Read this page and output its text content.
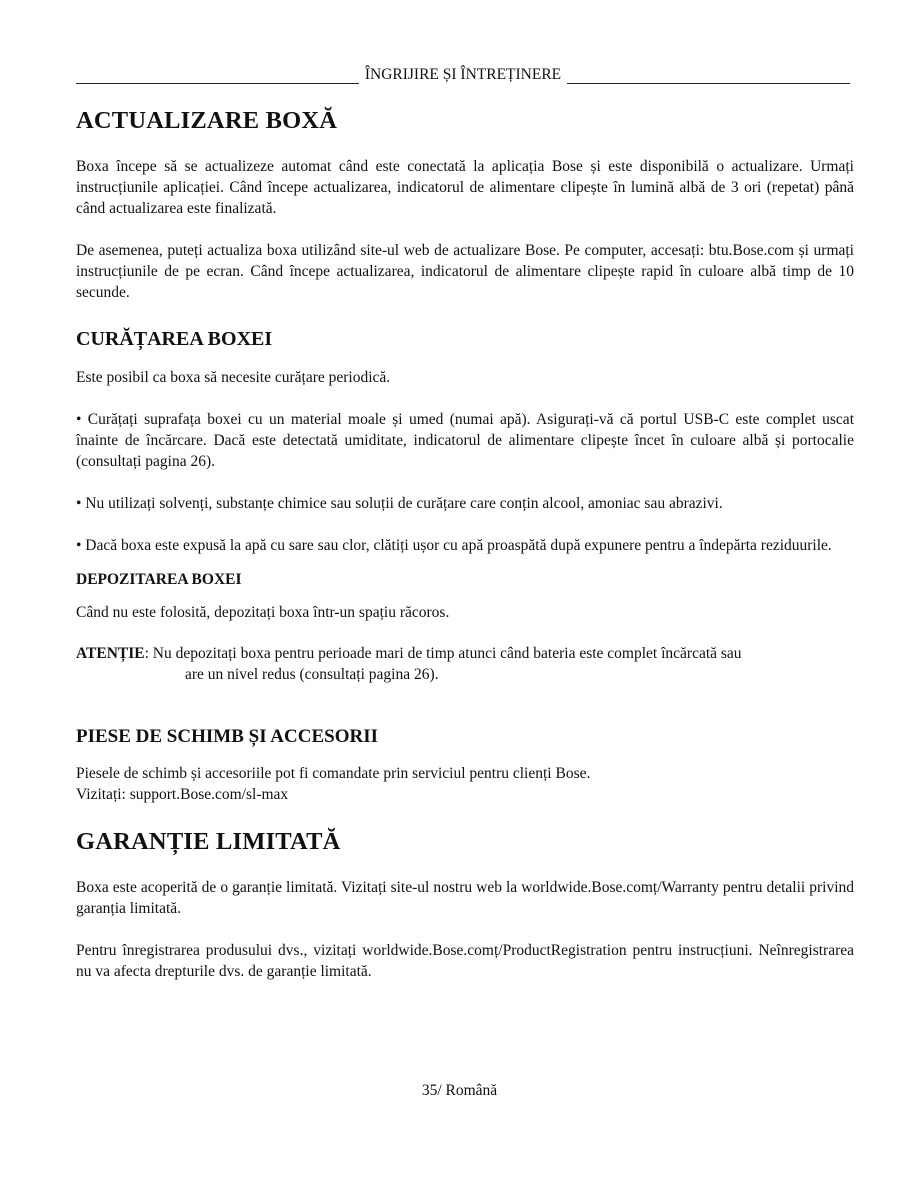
ÎNGRIJIRE ȘI ÎNTREȚINERE
ACTUALIZARE BOXĂ

Boxa începe să se actualizeze automat când este conectată la aplicația Bose și este disponibilă o actualizare. Urmați instrucțiunile aplicației. Când începe actualizarea, indicatorul de alimentare clipește în lumină albă de 3 ori (repetat) până când actualizarea este finalizată.

De asemenea, puteți actualiza boxa utilizând site-ul web de actualizare Bose. Pe computer, accesați: btu.Bose.com și urmați instrucțiunile de pe ecran. Când începe actualizarea, indicatorul de alimentare clipește rapid în culoare albă timp de 10 secunde.

CURĂȚAREA BOXEI

Este posibil ca boxa să necesite curățare periodică.

• Curățați suprafața boxei cu un material moale și umed (numai apă). Asigurați-vă că portul USB-C este complet uscat înainte de încărcare. Dacă este detectată umiditate, indicatorul de alimentare clipește încet în culoare albă și portocalie (consultați pagina 26).

• Nu utilizați solvenți, substanțe chimice sau soluții de curățare care conțin alcool, amoniac sau abrazivi.

• Dacă boxa este expusă la apă cu sare sau clor, clătiți ușor cu apă proaspătă după expunere pentru a îndepărta reziduurile.

DEPOZITAREA BOXEI

Când nu este folosită, depozitați boxa într-un spațiu răcoros.

ATENȚIE: Nu depozitați boxa pentru perioade mari de timp atunci când bateria este complet încărcată sau
are un nivel redus (consultați pagina 26).
PIESE DE SCHIMB ȘI ACCESORII

Piesele de schimb și accesoriile pot fi comandate prin serviciul pentru clienți Bose.

Vizitați: support.Bose.com/sl-max

GARANȚIE LIMITATĂ

Boxa este acoperită de o garanție limitată. Vizitați site-ul nostru web la worldwide.Bose.comț/Warranty pentru detalii privind garanția limitată.

Pentru înregistrarea produsului dvs., vizitați worldwide.Bose.comț/ProductRegistration pentru instrucțiuni. Neînregistrarea nu va afecta drepturile dvs. de garanție limitată.

35/ Română
